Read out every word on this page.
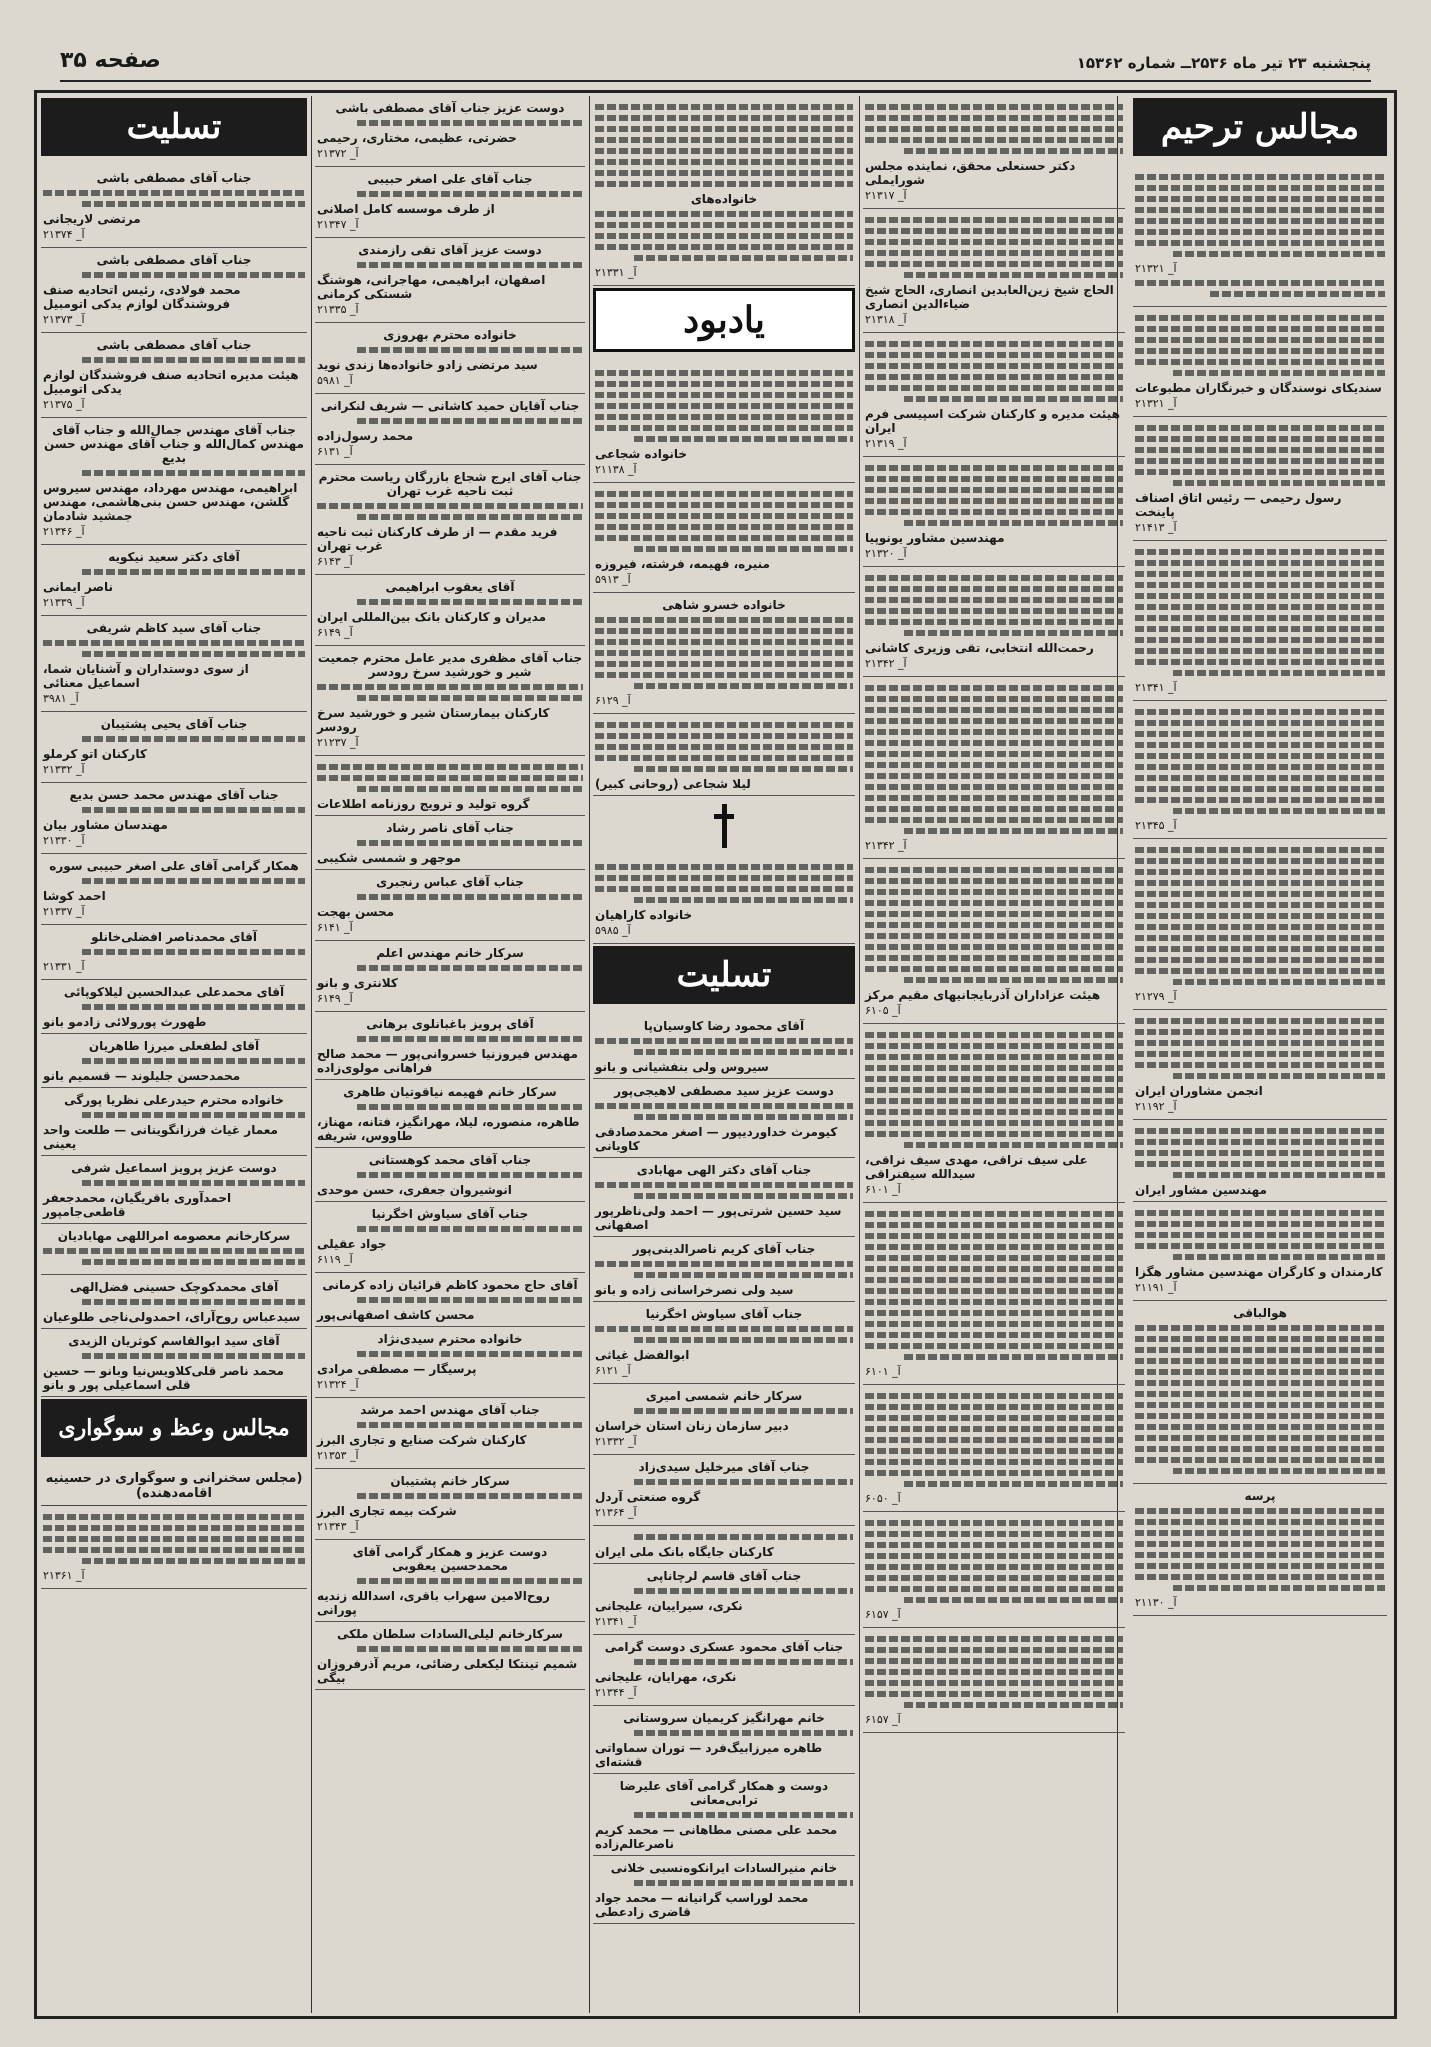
پنجشنبه ۲۳ تیر ماه ۲۵۳۶ــ شماره ۱۵۳۶۲
صفحه ۳۵
مجالس ترحیم
آ_ ۲۱۳۲۱
سندیکای نوسندگان و خبرنگاران مطبوعات
آ_ ۲۱۳۲۱
رسول رحیمی — رئیس اتاق اصناف پاینخت
آ_ ۲۱۴۱۳
آ_ ۲۱۳۴۱
آ_ ۲۱۳۴۵
آ_ ۲۱۲۷۹
انجمن مشاوران ایران
آ_ ۲۱۱۹۲
مهندسین مشاور ایران
کارمندان و کارگران مهندسین مشاور هگزا
آ_ ۲۱۱۹۱
هوالباقی
پرسه
آ_ ۲۱۱۳۰
دکتر حسنعلی محقق، نماینده مجلس شورایملی
آ_ ۲۱۳۱۷
الحاج شیخ زین‌العابدین انصاری، الحاج شیخ ضیاءالدین انصاری
آ_ ۲۱۳۱۸
هیئت مدیره و کارکنان شرکت اسپیسی فرم ایران
آ_ ۲۱۳۱۹
مهندسین مشاور یونوپیا
آ_ ۲۱۳۲۰
رحمت‌الله انتخابی، تقی وزیری کاشانی
آ_ ۲۱۳۴۲
آ_ ۲۱۳۴۲
هیئت عزاداران آذربایجانیهای مقیم مرکز
آ_ ۶۱۰۵
علی سیف نراقی، مهدی سیف نراقی، سیدالله سیفنراقی
آ_ ۶۱۰۱
آ_ ۶۱۰۱
آ_ ۶۰۵۰
آ_ ۶۱۵۷
آ_ ۶۱۵۷
خانواده‌های
آ_ ۲۱۳۳۱
یادبود
خانواده شجاعی
آ_ ۲۱۱۳۸
منیره، فهیمه، فرشته، فیروزه
آ_ ۵۹۱۳
خانواده خسرو شاهی
آ_ ۶۱۲۹
لیلا شجاعی (روحانی کبیر)
خانواده کاراهیان
آ_ ۵۹۸۵
تسلیت
آقای محمود رضا کاوسیان‌پا
سیروس ولی بنفشیانی و بانو
دوست عزیز سید مصطفی لاهیجی‌پور
کیومرث خداوردیپور — اصغر محمدصادقی کاویانی
جناب آقای دکتر الهی مهابادی
سید حسین شرتی‌پور — احمد ولی‌ناظرپور اصفهانی
جناب آقای کریم ناصرالدینی‌پور
سید ولی نصرخراسانی زاده و بانو
جناب آقای سیاوش اخگرنیا
ابوالفضل غیاثی
آ_ ۶۱۲۱
سرکار خانم شمسی امیری
دبیر سازمان زنان استان خراسان
آ_ ۲۱۳۳۲
جناب آقای میرخلیل سیدی‌زاد
گروه صنعتی آردل
آ_ ۲۱۳۶۴
کارکنان جایگاه بانک ملی ایران
جناب آقای قاسم لرچاناپی
نکری، سیراییان، علیجانی
آ_ ۲۱۳۴۱
جناب آقای محمود عسکری دوست گرامی
نکری، مهرایان، علیجانی
آ_ ۲۱۳۴۴
خانم مهرانگیز کریمیان سروستانی
طاهره میرزابیگ‌فرد — توران سماواتی قشته‌ای
دوست و همکار گرامی آقای علیرضا ترابی‌معانی
محمد علی مصنی مطاهانی — محمد کریم ناصرعالم‌زاده
خانم منیرالسادات ایرانکوه‌نسبی خلانی
محمد لوراسب گرانیانه — محمد جواد قاضری زادعطی
دوست عزیز جناب آقای مصطفی باشی
حضرتی، عظیمی، مختاری، رحیمی
آ_ ۲۱۳۷۲
جناب آقای علی اصغر حبیبی
از طرف موسسه کامل اصلانی
آ_ ۲۱۳۴۷
دوست عزیز آقای تقی رازمندی
اصفهان، ابراهیمی، مهاجرانی، هوشنگ شستکی کرمانی
آ_ ۲۱۳۳۵
خانواده محترم بهروزی
سید مرتضی زادو خانواده‌ها زندی نوید
آ_ ۵۹۸۱
جناب آقایان حمید کاشانی — شریف لنکرانی
محمد رسول‌زاده
آ_ ۶۱۳۱
جناب آقای ایرج شجاع بازرگان ریاست محترم ثبت ناحیه غرب تهران
فرید مقدم — از طرف کارکنان ثبت ناحیه غرب تهران
آ_ ۶۱۴۳
آقای یعقوب ابراهیمی
مدیران و کارکنان بانک بین‌المللی ایران
آ_ ۶۱۴۹
جناب آقای مظفری مدیر عامل محترم جمعیت شیر و خورشید سرخ رودسر
کارکنان بیمارستان شیر و خورشید سرخ رودسر
آ_ ۲۱۲۳۷
گروه تولید و ترویج روزنامه اطلاعات
جناب آقای ناصر رشاد
موجهر و شمسی شکیبی
جناب آقای عباس رنجبری
محسن بهجت
آ_ ۶۱۴۱
سرکار خانم مهندس اعلم
کلانتری و بانو
آ_ ۶۱۴۹
آقای پرویز باغبانلوی برهانی
مهندس فیروزنیا خسروانی‌پور — محمد صالح فراهانی مولوی‌زاده
سرکار خانم فهیمه نیاقوتیان طاهری
طاهره، منصوره، لیلا، مهرانگیز، فتانه، مهناز، طاووس، شریفه
جناب آقای محمد کوهستانی
انوشیروان جعفری، حسن موحدی
جناب آقای سیاوش اخگرنیا
جواد عقیلی
آ_ ۶۱۱۹
آقای حاج محمود کاظم قرائیان زاده کرمانی
محسن کاشف اصفهانی‌پور
خانواده محترم سیدی‌نژاد
پرسیگار — مصطفی مرادی
آ_ ۲۱۳۲۴
جناب آقای مهندس احمد مرشد
کارکنان شرکت صنایع و تجاری البرز
آ_ ۲۱۳۵۳
سرکار خانم پشتیبان
شرکت بیمه تجاری البرز
آ_ ۲۱۳۴۳
دوست عزیز و همکار گرامی آقای محمدحسین یعقوبی
روح‌الامین سهراب باقری، اسدالله زندیه پورانی
سرکارخانم لیلی‌السادات سلطان ملکی
شمیم تینتکا لیکعلی رضائی، مریم آذرفروزان بیگی
تسلیت
جناب آقای مصطفی باشی
مرتضی لاریجانی
آ_ ۲۱۳۷۴
جناب آقای مصطفی باشی
محمد فولادی، رئیس اتحادیه صنف فروشندگان لوازم یدکی اتومبیل
آ_ ۲۱۳۷۳
جناب آقای مصطفی باشی
هیئت مدیره اتحادیه صنف فروشندگان لوازم یدکی اتومبیل
آ_ ۲۱۳۷۵
جناب آقای مهندس جمال‌الله و جناب آقای مهندس کمال‌الله و جناب آقای مهندس حسن بدیع
ابراهیمی، مهندس مهرداد، مهندس سیروس گلشن، مهندس حسن بنی‌هاشمی، مهندس جمشید شادمان
آ_ ۲۱۳۴۶
آقای دکتر سعید نیکویه
ناصر ایمانی
آ_ ۲۱۳۳۹
جناب آقای سید کاظم شریفی
از سوی دوستداران و آشنایان شما، اسماعیل معنائی
آ_ ۳۹۸۱
جناب آقای یحیی پشتیبان
کارکنان اتو کرملو
آ_ ۲۱۳۳۲
جناب آقای مهندس محمد حسن بدیع
مهندسان مشاور بیان
آ_ ۲۱۳۳۰
همکار گرامی آقای علی اصغر حبیبی سوره
احمد کوشا
آ_ ۲۱۳۳۷
آقای محمدناصر افضلی‌خانلو
آ_ ۲۱۳۳۱
آقای محمدعلی عبدالحسین لیلاکوپائی
طهورث پورولائی زادمو بانو
آقای لطفعلی میرزا طاهریان
محمدحسن جلیلوند — قسمیم بانو
خانواده محترم حیدرعلی نظریا پورگی
معمار غیاث فرزانگوینانی — طلعت واحد یعینی
دوست عزیز پرویز اسماعیل شرفی
احمدآوری باقریگیان، محمدجعفر قاطعی‌جامپور
سرکارخانم معصومه امراللهی مهابادیان
آقای محمدکوچک حسینی فضل‌الهی
سیدعباس روح‌آرای، احمدولی‌ناجی طلوعیان
آقای سید ابوالقاسم کوثریان الزیدی
محمد ناصر قلی‌کلاویس‌نیا وبانو — حسین قلی اسماعیلی پور و بانو
مجالس وعظ و سوگواری
(مجلس سخنرانی و سوگواری در حسینیه اقامه‌دهنده)
آ_ ۲۱۳۶۱
